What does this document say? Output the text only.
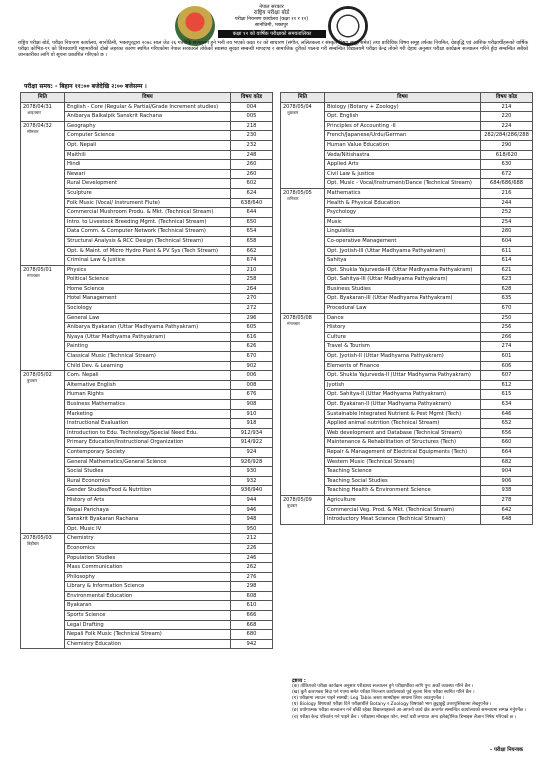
नेपाल सरकार
राष्ट्रिय परीक्षा बोर्ड
परीक्षा नियन्त्रण कार्यालय (कक्षा ११ र १२)
सानोठिमी, भक्तपुर
कक्षा १२ को वार्षिक परीक्षाको समयतालिका
राष्ट्रिय परीक्षा बोर्ड, परीक्षा नियन्त्रण कार्यालय, सानोठिमी, भक्तपुरद्वारा २०७८ साल जेठ २६ गतेदेखि सञ्चालन हुने भनी तय भएको कक्षा १२ को साधारण (संगीत, ललितकला र संस्कृत विषय समूह समेत) तथा प्राविधिक विषय समूह तर्फका नियमित, ग्रेडवृद्धि एवं आंशिक परीक्षार्थीहरूको वार्षिक परीक्षा कोभिड-१९ को विश्वव्यापी महामारीको दोस्रो लहरका कारण स्थगित गरिएकोमा नेपाल सरकारले तोकेको स्वास्थ्य सुरक्षा सम्बन्धी मापदण्ड र सामाजिक दुरीको पालना गरी सम्बन्धित विद्यालयमै परीक्षा केन्द्र तोक्ने गरी देहाय अनुसार परीक्षा कार्यक्रम सञ्चालन गरिने हुँदा सम्बन्धित सबैको जानकारीका लागि यो सूचना प्रकाशित गरिएको छ ।
परीक्षा समय: - बिहान ११:०० बजेदेखि २:०० बजेसम्म ।
मिति	विषय	विषय कोड
2078/04/31
आइतबार	English - Core (Regular & Partial/Grade Increment studies)	004
	Anibarya Balkalpik Sanskrit Rachana	005
2078/04/32
सोमबार	Geography	218
	Computer Science	230
	Opt. Nepali	232
	Maithili	248
	Hindi	260
	Newari	260
	Rural Development	602
	Sculpture	624
	Folk Music (Vocal/ Instrument Flute)	638/640
	Commercial Mushroom Produ. & Mkt. (Technical Stream)	644
	Intro. to Livestock Breeding Mgmt. (Technical Stream)	650
	Data Comm. & Computer Network (Technical Stream)	654
	Structural Analysis & RCC Design (Technical Stream)	658
	Opt. & Maint. of Micro Hydro Plant & PV Sys (Tech Stream)	662
	Criminal Law & Justice	674
2078/05/01
मंगलबार	Physics	210
	Political Science	258
	Home Science	264
	Hotel Management	270
	Sociology	272
	General Law	296
	Anibarya Byakaran (Uttar Madhyama Pathyakram)	605
	Nyaya (Uttar Madhyama Pathyakram)	616
	Painting	626
	Classical Music (Technical Stream)	670
	Child Dev. & Learning	902
2078/05/02
बुधबार	Com. Nepali	006
	Alternative English	008
	Human Rights	676
	Business Mathematics	908
	Marketing	910
	Instructional Evaluation	918
	Introduction to Edu. Technology/Special Need Edu.	912/934
	Primary Education/Instructional Organization	914/922
	Contemporary Society	924
	General Mathematics/General Science	926/928
	Social Studies	930
	Rural Economics	932
	Gender Studies/Food & Nutrition	936/940
	History of Arts	944
	Nepal Parichaya	946
	Sanskrit Byakaran Rachana	948
	Opt. Music IV	950
2078/05/03
बिहीबार	Chemistry	212
	Economics	226
	Population Studies	246
	Mass Communication	262
	Philosophy	276
	Library & Information Science	298
	Environmental Education	608
	Byakaran	610
	Sports Science	666
	Legal Drafting	668
	Nepali Folk Music (Technical Stream)	680
	Chemistry Education	942
मिति	विषय	विषय कोड
2078/05/04
शुक्रबार	Biology (Botany + Zoology)	214
	Opt. English	220
	Principles of Accounting -II	224
	French/Japanese/Urdu/German	282/284/286/288
	Human Value Education	290
	Veda/Nitishastra	618/620
	Applied Arts	630
	Civil Law & justice	672
	Opt. Music - Vocal/Instrument/Dance (Technical Stream)	684/686/688
2078/05/05
शनिबार	Mathematics	216
	Health & Physical Education	244
	Psychology	252
	Music	254
	Linguistics	280
	Co-operative Management	604
	Opt. Jyotish-III (Uttar Madhyama Pathyakram)	611
	Sahitya	614
	Opt. Shukla Yajurveda-III (Uttar Madhyama Pathyakram)	621
	Opt. Sahitya-III (Uttar Madhyama Pathyakram)	623
	Business Studies	628
	Opt. Byakaran-III (Uttar Madhyama Pathyakram)	635
	Procedural Law	670
2078/05/08
मंगलबार	Dance	250
	History	256
	Culture	266
	Travel & Tourism	274
	Opt. Jyotish-II (Uttar Madhyama Pathyakram)	601
	Elements of Finance	606
	Opt. Shukla Yajurveda-II (Uttar Madhyama Pathyakram)	607
	Jyotish	612
	Opt. Sahitya-II (Uttar Madhyama Pathyakram)	615
	Opt. Byakaran-II (Uttar Madhyama Pathyakram)	634
	Sustainable Integrated Nutrient & Pest Mgmt (Tech)	646
	Applied animal nutrition (Technical Stream)	652
	Web development and Database (Technical Stream)	656
	Maintenance & Rehabilitation of Structures (Tech)	660
	Repair & Management of Electrical Equipments (Tech)	664
	Western Music (Technical Stream)	682
	Teaching Science	904
	Teaching Social Studies	906
	Teaching Health & Environment Science	938
2078/05/09
बुधबार	Agriculture	278
	Commercial Veg. Prod. & Mkt. (Technical Stream)	642
	Introductory Meat Science (Technical Stream)	648
द्रष्टव्य :
(क) तोकिएको परीक्षा कार्यक्रम अनुसार परीक्षाथ्य सञ्चालन हुने परीक्षार्थीका लागि पुनः अर्को व्यवस्था गरिने छैन ।
(ख) कुनै कारणवश बिदा पर्न गएमा समेत परीक्षा नियन्त्रण कार्यालयको पूर्व सूचना बिना परीक्षा स्थगित गरिने छैन ।
(ग) परीक्षामा ल्याउन पाइने सामग्री: Leg Table जस्ता सामग्रीहरू साथमा लिएर आउनुपर्नेछ ।
(घ) Biology विषयको परीक्षा दिने परीक्षार्थीले Botany र Zoology विषयको भाग छुट्टाछुट्टै उत्तरपुस्तिकामा लेख्नुपर्नेछ ।
(ङ) प्रयोगात्मक परीक्षा सञ्चालन गर्न बाँकी रहेका विद्यालयहरूले आ-आफ्नो कार्य क्षेत्र अन्तर्गत सम्बन्धित कार्यालयको समन्वयमा सम्पन्न गर्नुपर्नेछ ।
(च) परीक्षा केन्द्र परिवर्तन गर्न पाइने छैन । परीक्षामा मोबाइल फोन, स्मार्ट घडी लगायत अन्य इलेक्ट्रोनिक डिभाइस लैजान निषेध गरिएको छ ।
- परीक्षा नियन्त्रक
